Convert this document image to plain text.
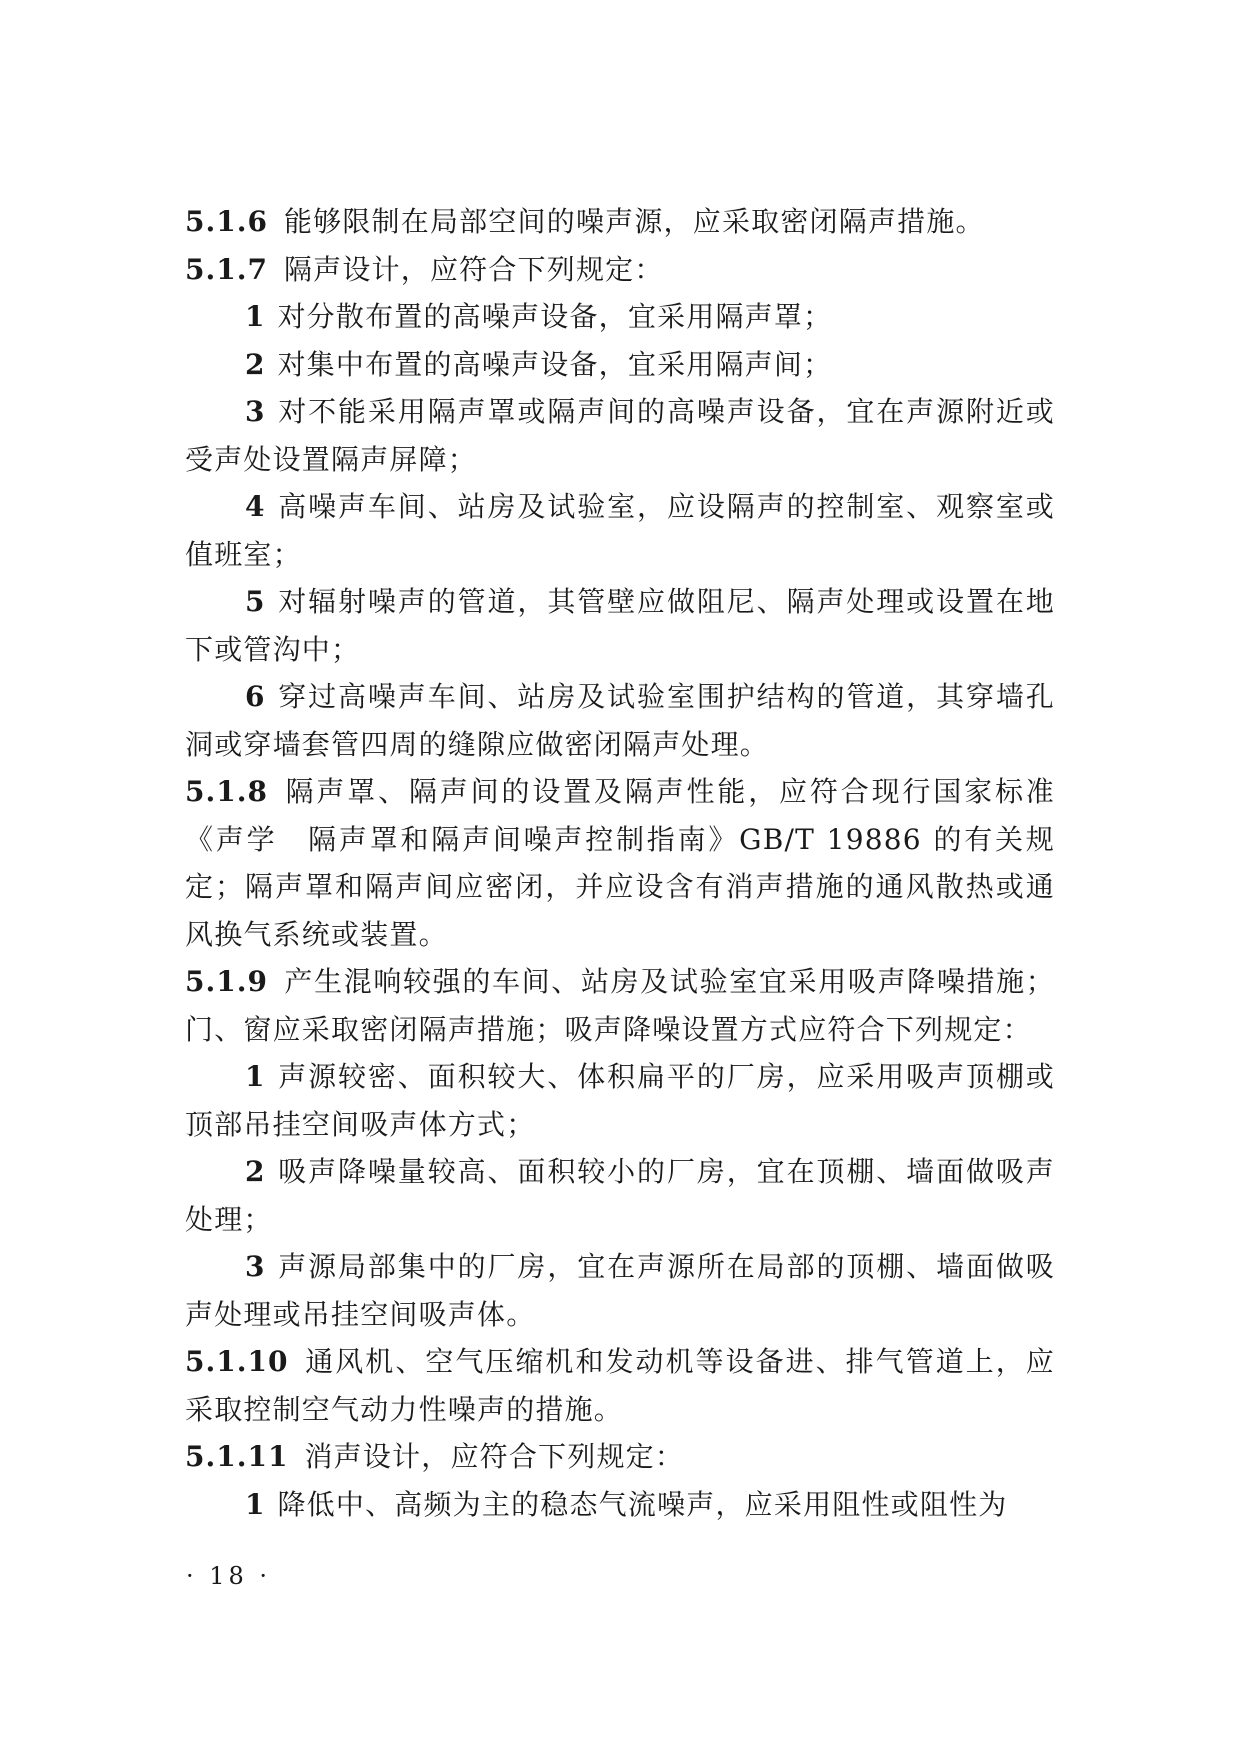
5.1.6 能够限制在局部空间的噪声源，应采取密闭隔声措施。

5.1.7 隔声设计，应符合下列规定：

1 对分散布置的高噪声设备，宜采用隔声罩；

2 对集中布置的高噪声设备，宜采用隔声间；

3 对不能采用隔声罩或隔声间的高噪声设备，宜在声源附近或受声处设置隔声屏障；

4 高噪声车间、站房及试验室，应设隔声的控制室、观察室或值班室；

5 对辐射噪声的管道，其管壁应做阻尼、隔声处理或设置在地下或管沟中；

6 穿过高噪声车间、站房及试验室围护结构的管道，其穿墙孔洞或穿墙套管四周的缝隙应做密闭隔声处理。

5.1.8 隔声罩、隔声间的设置及隔声性能，应符合现行国家标准《声学　隔声罩和隔声间噪声控制指南》GB/T 19886 的有关规定；隔声罩和隔声间应密闭，并应设含有消声措施的通风散热或通风换气系统或装置。

5.1.9 产生混响较强的车间、站房及试验室宜采用吸声降噪措施；门、窗应采取密闭隔声措施；吸声降噪设置方式应符合下列规定：

1 声源较密、面积较大、体积扁平的厂房，应采用吸声顶棚或顶部吊挂空间吸声体方式；

2 吸声降噪量较高、面积较小的厂房，宜在顶棚、墙面做吸声处理；

3 声源局部集中的厂房，宜在声源所在局部的顶棚、墙面做吸声处理或吊挂空间吸声体。

5.1.10 通风机、空气压缩机和发动机等设备进、排气管道上，应采取控制空气动力性噪声的措施。

5.1.11 消声设计，应符合下列规定：

1 降低中、高频为主的稳态气流噪声，应采用阻性或阻性为

· 18 ·
